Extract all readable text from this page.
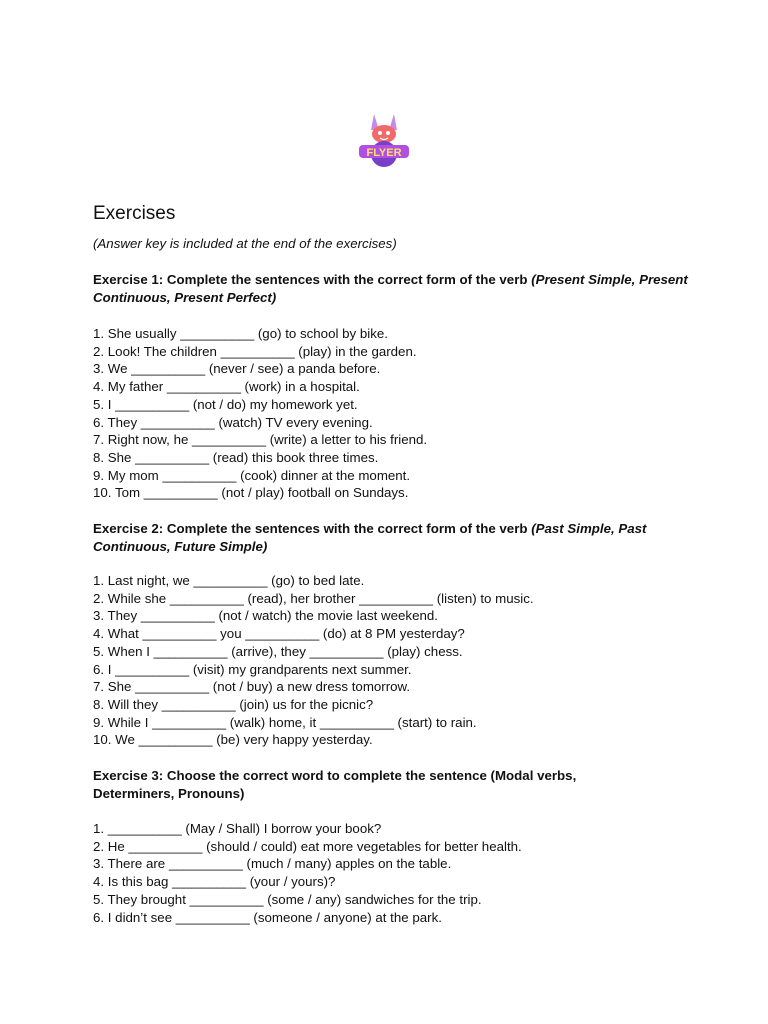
FLYER
Exercises
(Answer key is included at the end of the exercises)

Exercise 1: Complete the sentences with the correct form of the verb (Present Simple, Present Continuous, Present Perfect)

1. She usually __________ (go) to school by bike.
2. Look! The children __________ (play) in the garden.
3. We __________ (never / see) a panda before.
4. My father __________ (work) in a hospital.
5. I __________ (not / do) my homework yet.
6. They __________ (watch) TV every evening.
7. Right now, he __________ (write) a letter to his friend.
8. She __________ (read) this book three times.
9. My mom __________ (cook) dinner at the moment.
10. Tom __________ (not / play) football on Sundays.

Exercise 2: Complete the sentences with the correct form of the verb (Past Simple, Past Continuous, Future Simple)

1. Last night, we __________ (go) to bed late.
2. While she __________ (read), her brother __________ (listen) to music.
3. They __________ (not / watch) the movie last weekend.
4. What __________ you __________ (do) at 8 PM yesterday?
5. When I __________ (arrive), they __________ (play) chess.
6. I __________ (visit) my grandparents next summer.
7. She __________ (not / buy) a new dress tomorrow.
8. Will they __________ (join) us for the picnic?
9. While I __________ (walk) home, it __________ (start) to rain.
10. We __________ (be) very happy yesterday.

Exercise 3: Choose the correct word to complete the sentence (Modal verbs, Determiners, Pronouns)

1. __________ (May / Shall) I borrow your book?
2. He __________ (should / could) eat more vegetables for better health.
3. There are __________ (much / many) apples on the table.
4. Is this bag __________ (your / yours)?
5. They brought __________ (some / any) sandwiches for the trip.
6. I didn’t see __________ (someone / anyone) at the park.
